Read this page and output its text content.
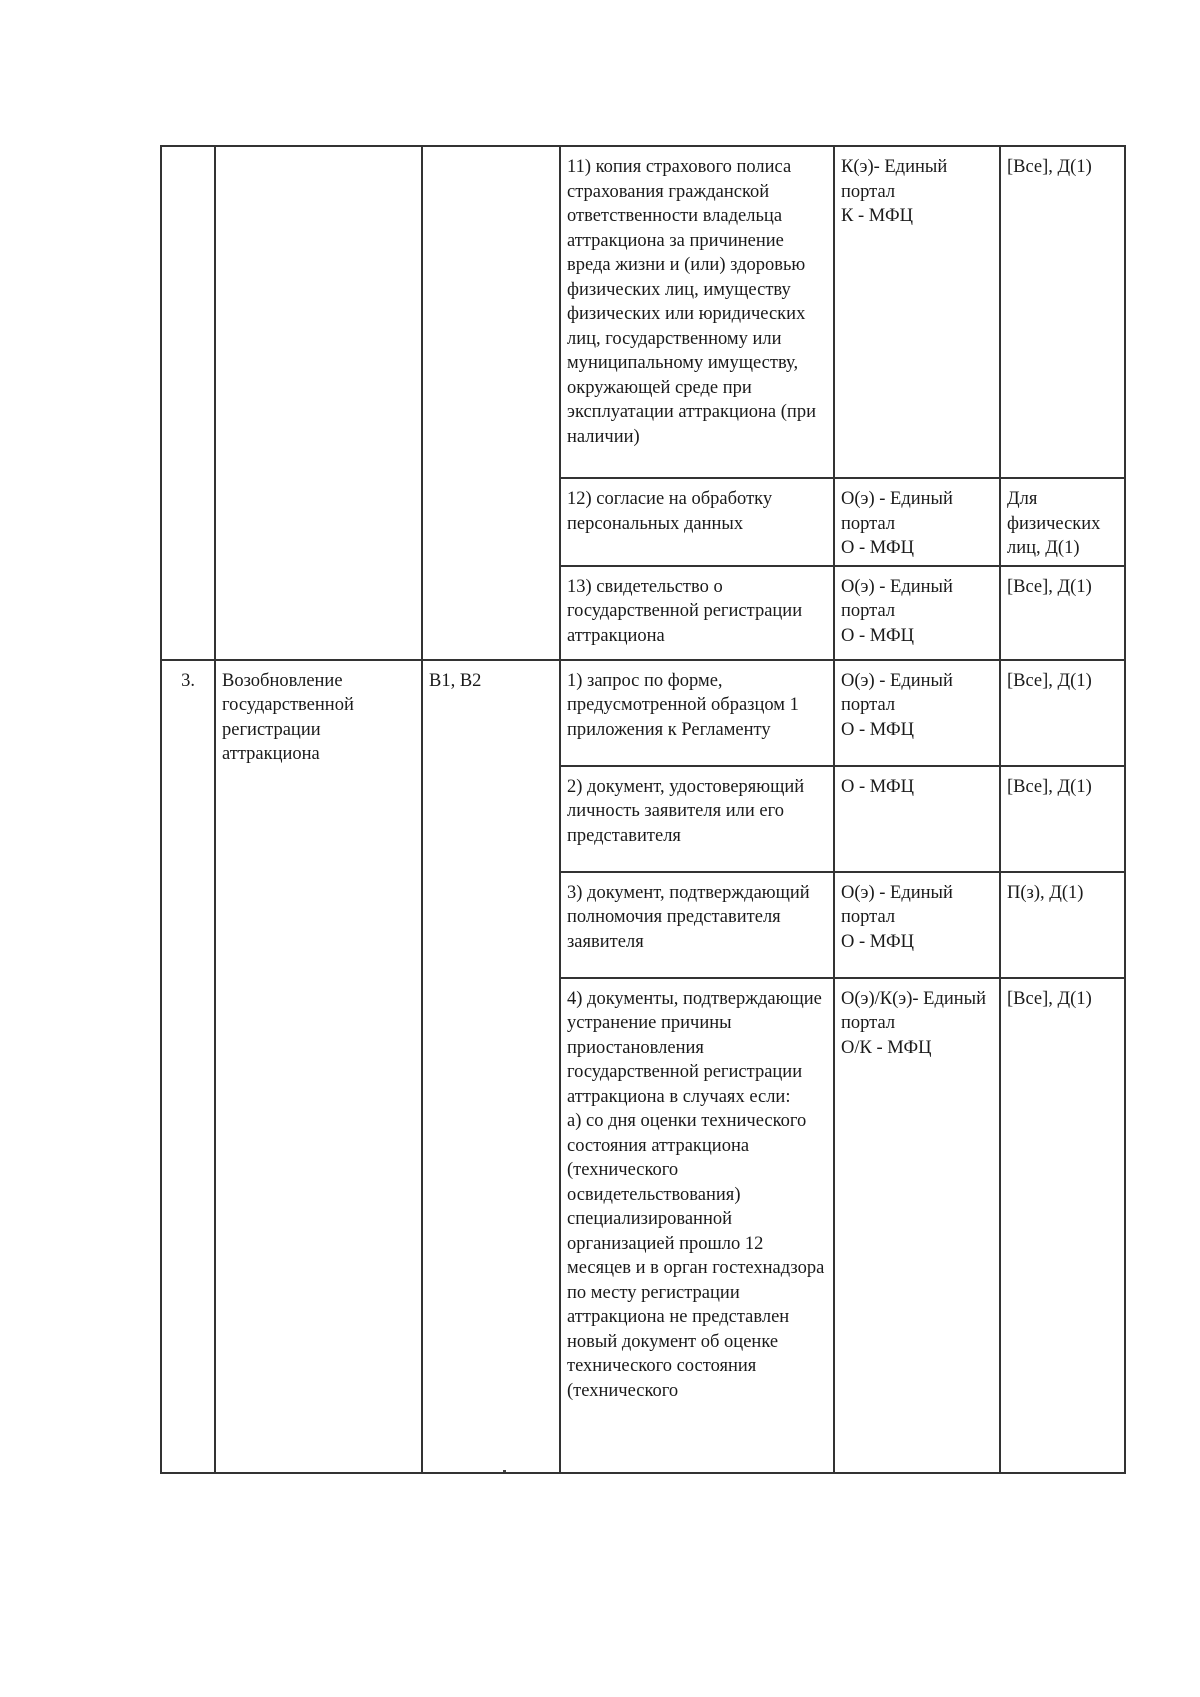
			11) копия страхового полиса страхования гражданской ответственности владельца аттракциона за причинение вреда жизни и (или) здоровью физических лиц, имуществу физических или юридических лиц, государственному или муниципальному имуществу, окружающей среде при эксплуатации аттракциона (при наличии)	К(э)- Единый портал
К - МФЦ	[Все], Д(1)
			12) согласие на обработку персональных данных	О(э) - Единый портал
О - МФЦ	Для физических лиц, Д(1)
			13) свидетельство о государственной регистрации аттракциона	О(э) - Единый портал
О - МФЦ	[Все], Д(1)
3.	Возобновление государственной регистрации аттракциона	В1, В2	1) запрос по форме, предусмотренной образцом 1 приложения к Регламенту	О(э) - Единый портал
О - МФЦ	[Все], Д(1)
			2) документ, удостоверяющий личность заявителя или его представителя	О - МФЦ	[Все], Д(1)
			3) документ, подтверждающий полномочия представителя заявителя	О(э) - Единый портал
О - МФЦ	П(з), Д(1)
			4) документы, подтверждающие устранение причины приостановления государственной регистрации аттракциона в случаях если:
а) со дня оценки технического состояния аттракциона (технического освидетельствования) специализированной организацией прошло 12 месяцев и в орган гостехнадзора по месту регистрации аттракциона не представлен новый документ об оценке технического состояния (технического	О(э)/К(э)- Единый портал
О/К - МФЦ	[Все], Д(1)
